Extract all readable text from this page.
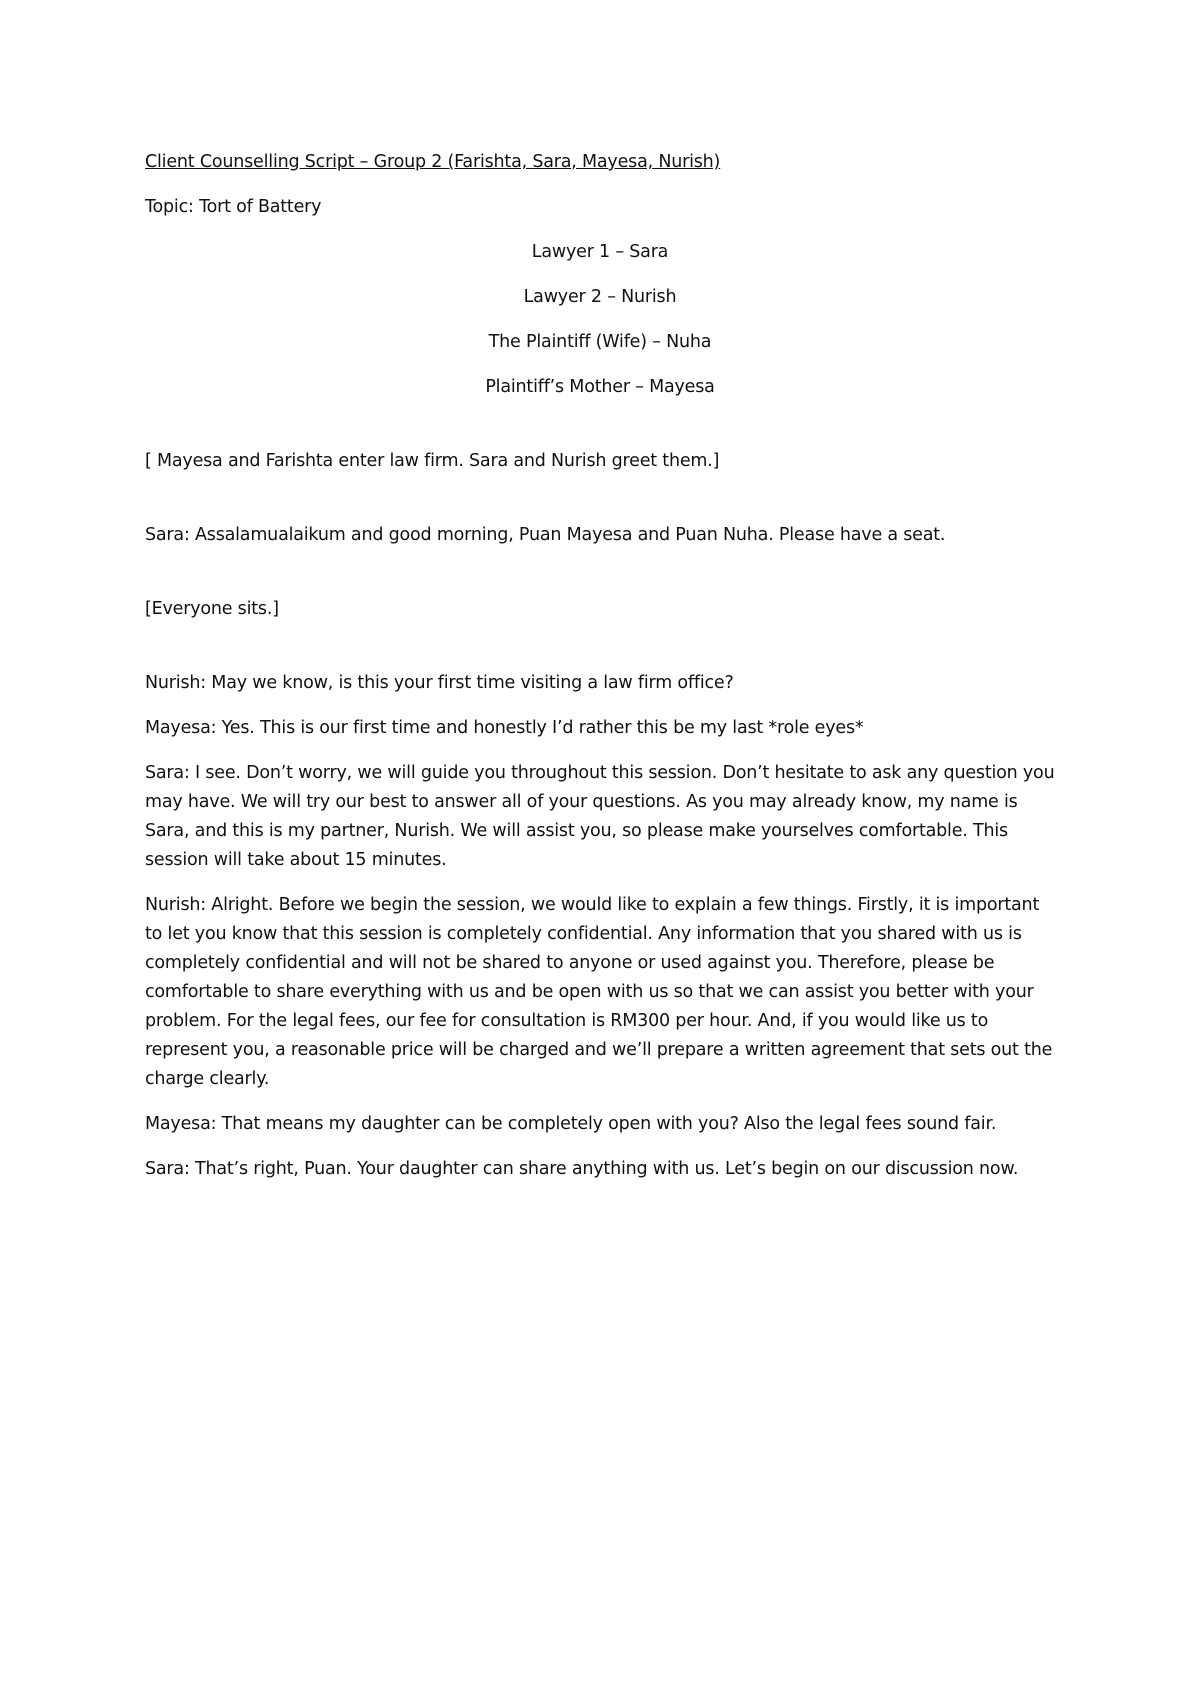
Client Counselling Script – Group 2 (Farishta, Sara, Mayesa, Nurish)

Topic: Tort of Battery

Lawyer 1 – Sara

Lawyer 2 – Nurish

The Plaintiff (Wife) – Nuha

Plaintiff’s Mother – Mayesa

[ Mayesa and Farishta enter law firm. Sara and Nurish greet them.]

Sara: Assalamualaikum and good morning, Puan Mayesa and Puan Nuha. Please have a seat.

[Everyone sits.]

Nurish: May we know, is this your first time visiting a law firm office?

Mayesa: Yes. This is our first time and honestly I’d rather this be my last *role eyes*

Sara: I see. Don’t worry, we will guide you throughout this session. Don’t hesitate to ask any question you may have. We will try our best to answer all of your questions. As you may already know, my name is Sara, and this is my partner, Nurish. We will assist you, so please make yourselves comfortable. This session will take about 15 minutes.

Nurish: Alright. Before we begin the session, we would like to explain a few things. Firstly, it is important to let you know that this session is completely confidential. Any information that you shared with us is completely confidential and will not be shared to anyone or used against you. Therefore, please be comfortable to share everything with us and be open with us so that we can assist you better with your problem. For the legal fees, our fee for consultation is RM300 per hour. And, if you would like us to represent you, a reasonable price will be charged and we’ll prepare a written agreement that sets out the charge clearly.

Mayesa: That means my daughter can be completely open with you? Also the legal fees sound fair.

Sara: That’s right, Puan. Your daughter can share anything with us. Let’s begin on our discussion now.
